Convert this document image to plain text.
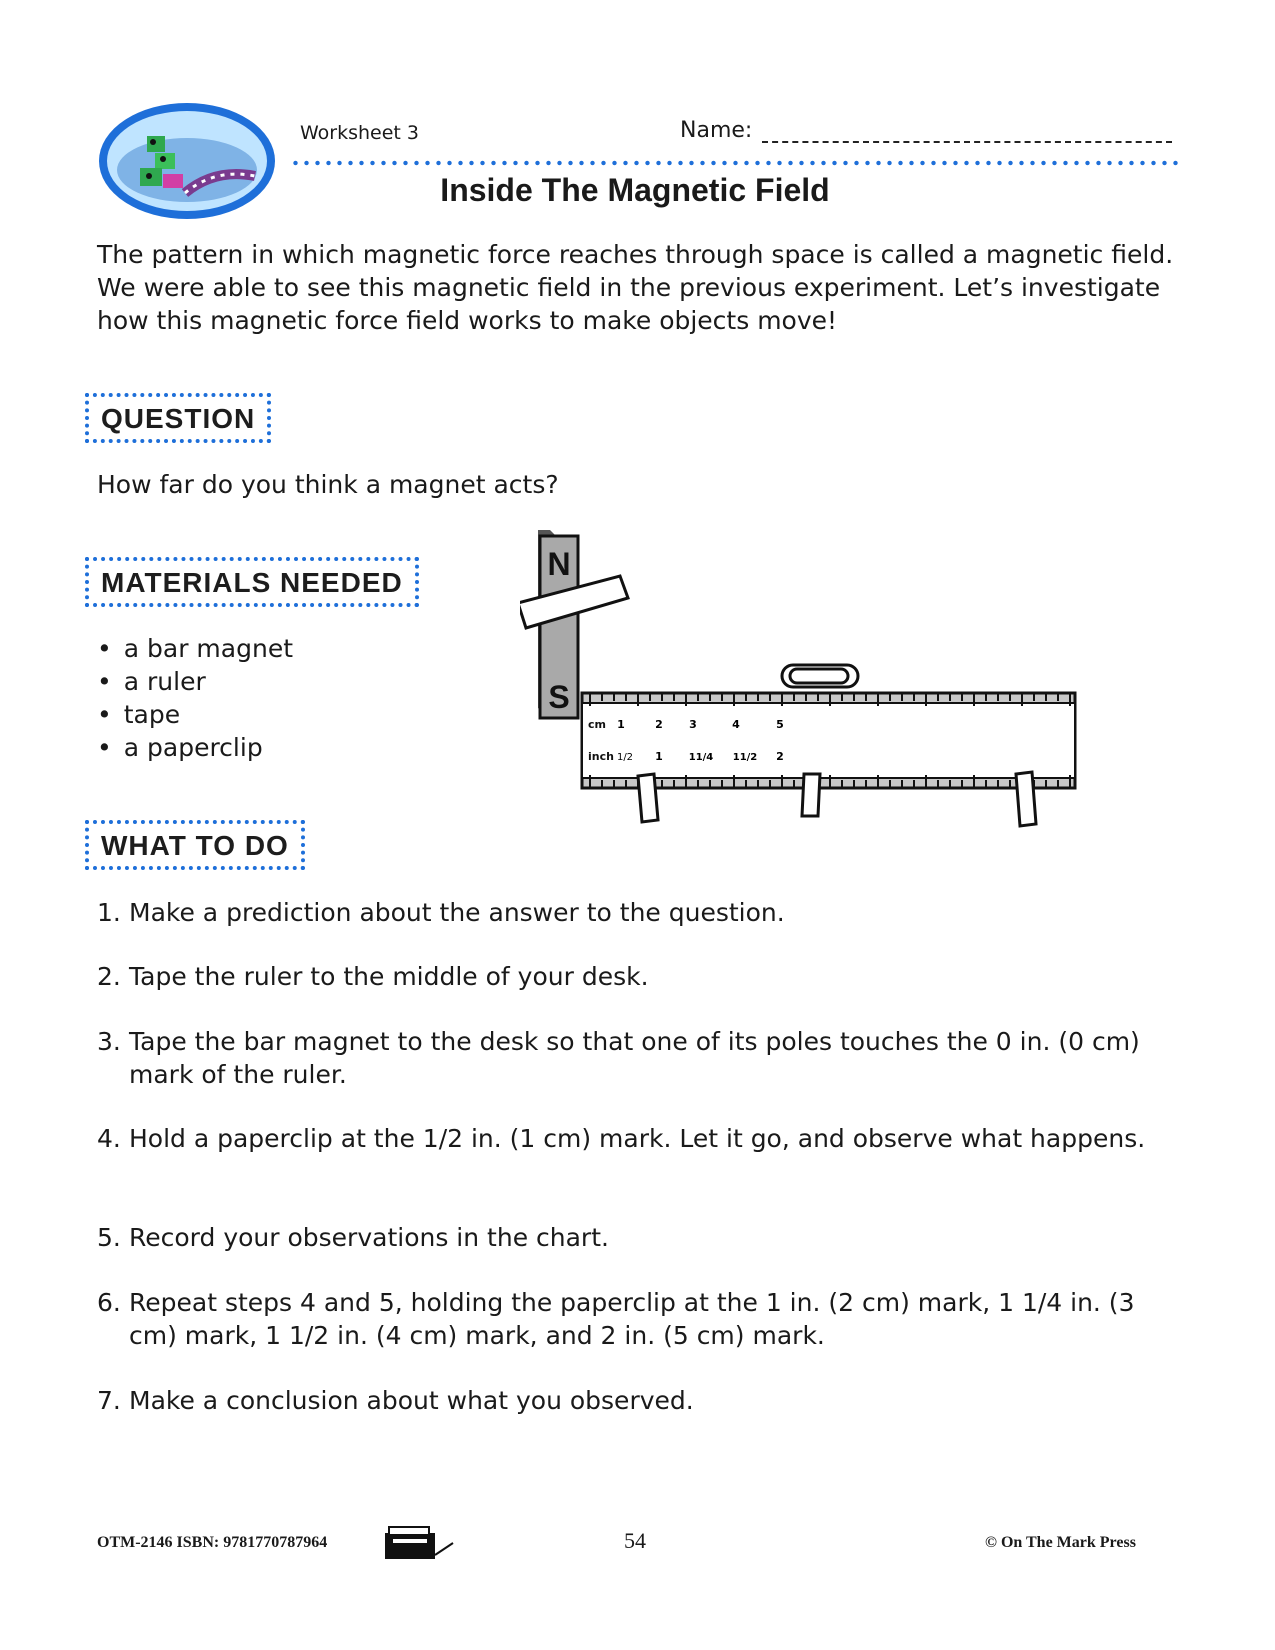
Worksheet 3	Name:
Inside The Magnetic Field
The pattern in which magnetic force reaches through space is called a magnetic field. We were able to see this magnetic field in the previous experiment. Let’s investigate how this magnetic force field works to make objects move!
QUESTION
How far do you think a magnet acts?
MATERIALS NEEDED
• a bar magnet
• a ruler
• tape
• a paperclip
N
S
cm
inch
1	2 3	4	5
1/2 1	11/4 11/2 2
WHAT TO DO
1. Make a prediction about the answer to the question.
2. Tape the ruler to the middle of your desk.
3. Tape the bar magnet to the desk so that one of its poles touches the 0 in. (0 cm) mark of the ruler.
4. Hold a paperclip at the 1/2 in. (1 cm) mark. Let it go, and observe what happens.
5. Record your observations in the chart.
6. Repeat steps 4 and 5, holding the paperclip at the 1 in. (2 cm) mark, 1 1/4 in. (3 cm) mark, 1 1/2 in. (4 cm) mark, and 2 in. (5 cm) mark.
7. Make a conclusion about what you observed.
OTM-2146 ISBN: 9781770787964	54	© On The Mark Press
